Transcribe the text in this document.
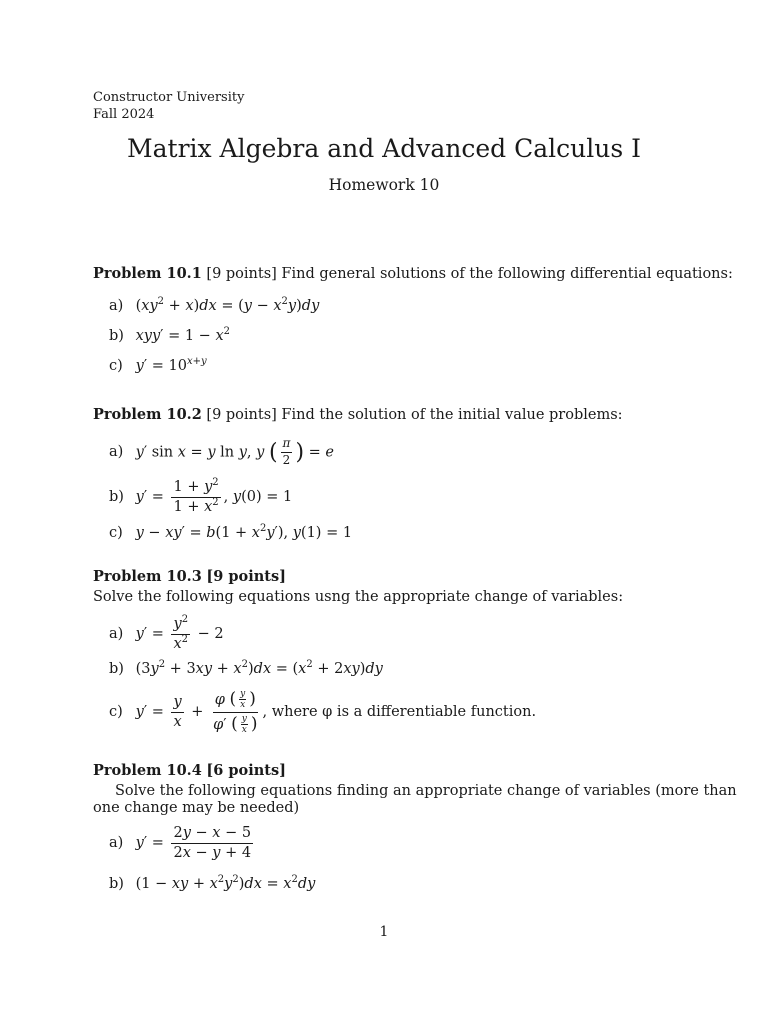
Constructor University
Fall 2024
Matrix Algebra and Advanced Calculus I
Homework 10
Problem 10.1 [9 points] Find general solutions of the following differential equations:
a) $(xy^2 + x)dx = (y - x^2y)dy$
b) $xyy' = 1 - x^2$
c) $y' = 10^{x+y}$
Problem 10.2 [9 points] Find the solution of the initial value problems:
a) y′ sin x = y ln y, y ( $\frac{\pi}{2}$ ) = e
b) $y' = \frac{1 + y^2}{1 + x^2}$ , y(0) = 1
c) $y - xy' = b(1 + x^2y')$, y(1) = 1
Problem 10.3 [9 points]
Solve the following equations usng the appropriate change of variables:
a) $y' = \frac{y^2}{x^2} - 2$
b) $(3y^2 + 3xy + x^2)dx = (x^2 + 2xy)dy$
c) $y' = \frac{y}{x} + \frac{\varphi ( \frac{y}{x} )}{\varphi' ( \frac{y}{x} )}$ , where φ is a differentiable function.
Problem 10.4 [6 points]
Solve the following equations finding an appropriate change of variables (more than
one change may be needed)
a) $y' = \frac{2y - x - 5}{2x - y + 4}$
b) (1 − xy + $x^2y^2)dx = x^2dy$
1
